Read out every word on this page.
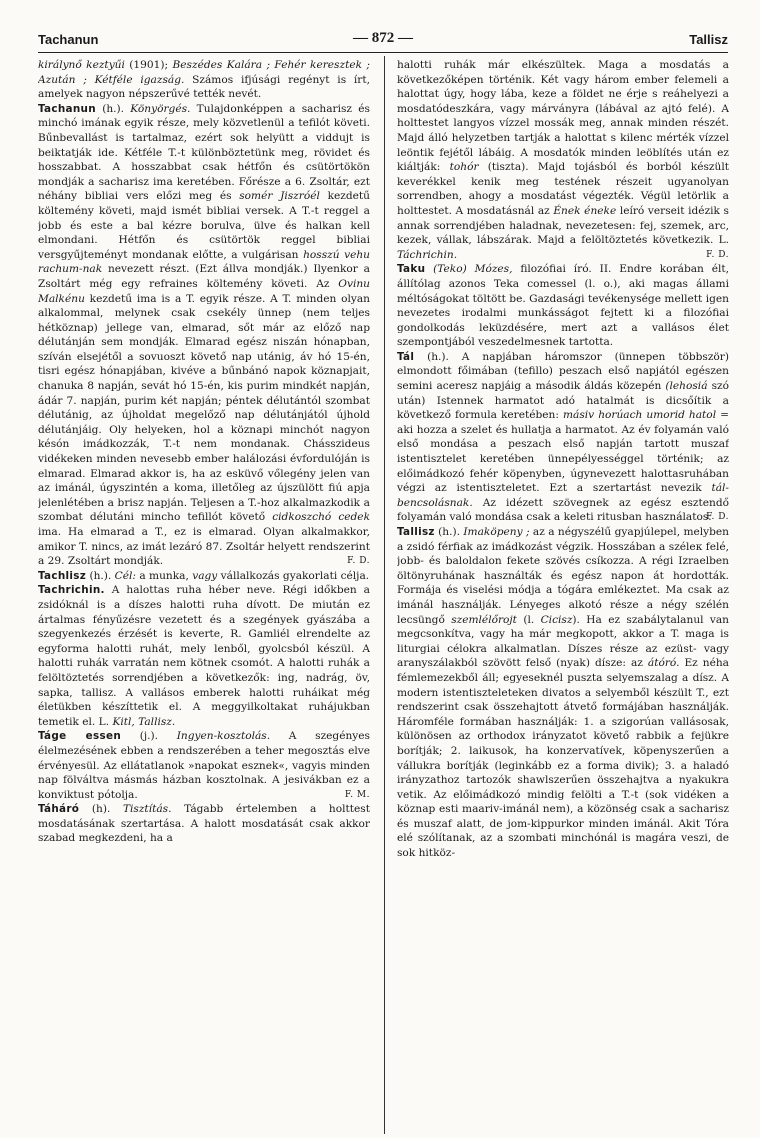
Tachanun	— 872 —	Tallisz

királynő keztyűi (1901); Beszédes Kalára ; Fehér keresztek ; Azután ; Kétféle igazság. Számos ifjúsági regényt is írt, amelyek nagyon népszerűvé tették nevét.

Tachanun (h.). Könyörgés. Tulajdonképpen a sacharisz és minchó imának egyik része, mely közvetlenül a tefilót követi. Bűnbevallást is tartalmaz, ezért sok helyütt a viddujt is beiktatják ide. Kétféle T.-t különböztetünk meg, rövidet és hosszabbat. A hosszabbat csak hétfőn és csütörtökön mondják a sacharisz ima keretében. Főrésze a 6. Zsoltár, ezt néhány bibliai vers előzi meg és somér Jiszróél kezdetű költemény követi, majd ismét bibliai versek. A T.-t reggel a jobb és este a bal kézre borulva, ülve és halkan kell elmondani. Hétfőn és csütörtök reggel bibliai versgyűjteményt mondanak előtte, a vulgárisan hosszú vehu rachum-nak nevezett részt. (Ezt állva mondják.) Ilyenkor a Zsoltárt még egy refraines költemény követi. Az Ovinu Malkénu kezdetű ima is a T. egyik része. A T. minden olyan alkalommal, melynek csak csekély ünnep (nem teljes hétköznap) jellege van, elmarad, sőt már az előző nap délutánján sem mondják. Elmarad egész niszán hónapban, szíván elsejétől a sovuoszt követő nap utánig, áv hó 15-én, tisri egész hónapjában, kivéve a bűnbánó napok köznapjait, chanuka 8 napján, sevát hó 15-én, kis purim mindkét napján, ádár 7. napján, purim két napján; péntek délutántól szombat délutánig, az újholdat megelőző nap délutánjától újhold délutánjáig. Oly helyeken, hol a köznapi minchót nagyon késón imádkozzák, T.-t nem mondanak. Chásszideus vidékeken minden nevesebb ember halálozási évfordulóján is elmarad. Elmarad akkor is, ha az esküvő vőlegény jelen van az imánál, úgyszintén a koma, illetőleg az újszülött fiú apja jelenlétében a brisz napján. Teljesen a T.-hoz alkalmazkodik a szombat délutáni mincho tefillót követő cidkoszchó cedek ima. Ha elmarad a T., ez is elmarad. Olyan alkalmakkor, amikor T. nincs, az imát lezáró 87. Zsoltár helyett rendszerint a 29. Zsoltárt mondják.	F. D.

Tachlisz (h.). Cél: a munka, vagy vállalkozás gyakorlati célja.

Tachrichin. A halottas ruha héber neve. Régi időkben a zsidóknál is a díszes halotti ruha dívott. De miután ez ártalmas fényűzésre vezetett és a szegények gyászába a szegyenkezés érzését is keverte, R. Gamliél elrendelte az egyforma halotti ruhát, mely lenből, gyolcsból készül. A halotti ruhák varratán nem kötnek csomót. A halotti ruhák a felöltöztetés sorrendjében a következők: ing, nadrág, öv, sapka, tallisz. A vallásos emberek halotti ruháikat még életükben készíttetik el. A meggyilkoltakat ruhájukban temetik el. L. Kitl, Tallisz.

Táge essen (j.). Ingyen-kosztolás. A szegényes élelmezésének ebben a rendszerében a teher megosztás elve érvényesül. Az ellátatlanok »napokat esznek«, vagyis minden nap fölváltva másmás házban kosztolnak. A jesivákban ez a konviktust pótolja.	F. M.

Táháró (h). Tisztítás. Tágabb értelemben a holttest mosdatásának szertartása. A halott mosdatását csak akkor szabad megkezdeni, ha a

halotti ruhák már elkészültek. Maga a mosdatás a következőképen történik. Két vagy három ember felemeli a halottat úgy, hogy lába, keze a földet ne érje s reáhelyezi a mosdatódeszkára, vagy márványra (lábával az ajtó felé). A holttestet langyos vízzel mossák meg, annak minden részét. Majd álló helyzetben tartják a halottat s kilenc mérték vízzel leöntik fejétől lábáig. A mosdatók minden leöblítés után ez kiáltják: tohór (tiszta). Majd tojásból és borból készült keverékkel kenik meg testének részeit ugyanolyan sorrendben, ahogy a mosdatást végezték. Végül letörlik a holttestet. A mosdatásnál az Ének éneke leíró verseit idézik s annak sorrendjében haladnak, nevezetesen: fej, szemek, arc, kezek, vállak, lábszárak. Majd a felöltöztetés következik. L. Táchrichin.	F. D.

Taku (Teko) Mózes, filozófiai író. II. Endre korában élt, állítólag azonos Teka comessel (l. o.), aki magas állami méltóságokat töltött be. Gazdasági tevékenysége mellett igen nevezetes irodalmi munkásságot fejtett ki a filozófiai gondolkodás leküzdésére, mert azt a vallásos élet szempontjából veszedelmesnek tartotta.

Tál (h.). A napjában háromszor (ünnepen többször) elmondott főimában (tefillo) peszach első napjától egészen semini aceresz napjáig a második áldás közepén (lehosiá szó után) Istennek harmatot adó hatalmát is dicsőítik a következő formula keretében: másiv horúach umorid hatol = aki hozza a szelet és hullatja a harmatot. Az év folyamán való első mondása a peszach első napján tartott muszaf istentisztelet keretében ünnepélyességgel történik; az előimádkozó fehér köpenyben, úgynevezett halottasruhában végzi az istentiszteletet. Ezt a szertartást nevezik tál-bencsolásnak. Az idézett szövegnek az egész esztendő folyamán való mondása csak a keleti ritusban használatos.

F. D.

Tallisz (h.). Imaköpeny ; az a négyszélű gyapjúlepel, melyben a zsidó férfiak az imádkozást végzik. Hosszában a széleк felé, jobb- és baloldalon fekete szövés csíkozza. A régi Izraelben öltönyruhának használták és egész napon át hordották. Formája és viselési módja a tógára emlékeztet. Ma csak az imánál használják. Lényeges alkotó része a négy szélén lecsüngő szemlélőrojt (l. Cicisz). Ha ez szabálytalanul van megcsonkítva, vagy ha már megkopott, akkor a T. maga is liturgiai célokra alkalmatlan. Díszes része az ezüst- vagy aranyszálakból szövött felső (nyak) dísze: az átóró. Ez néha fémlemezekből áll; egyeseknél puszta selyemszalag a dísz. A modern istentiszteleteken divatos a selyemből készült T., ezt rendszerint csak összehajtott átvető formájában használják. Háromféle formában használják: 1. a szigorúan vallásosak, különösen az orthodox irányzatot követő rabbik a fejükre borítják; 2. laikusok, ha konzervatívek, köpenyszerűen a vállukra borítják (leginkább ez a forma divik); 3. a haladó irányzathoz tartozók shawlszerűen összehajtva a nyakukra vetik. Az előimádkozó mindig felölti a T.-t (sok vidéken a köznap esti maariv-imánál nem), a közönség csak a sacharisz és muszaf alatt, de jom-kippurkor minden imánál. Akit Tóra elé szólítanak, az a szombati minchónál is magára veszi, de sok hitköz-
